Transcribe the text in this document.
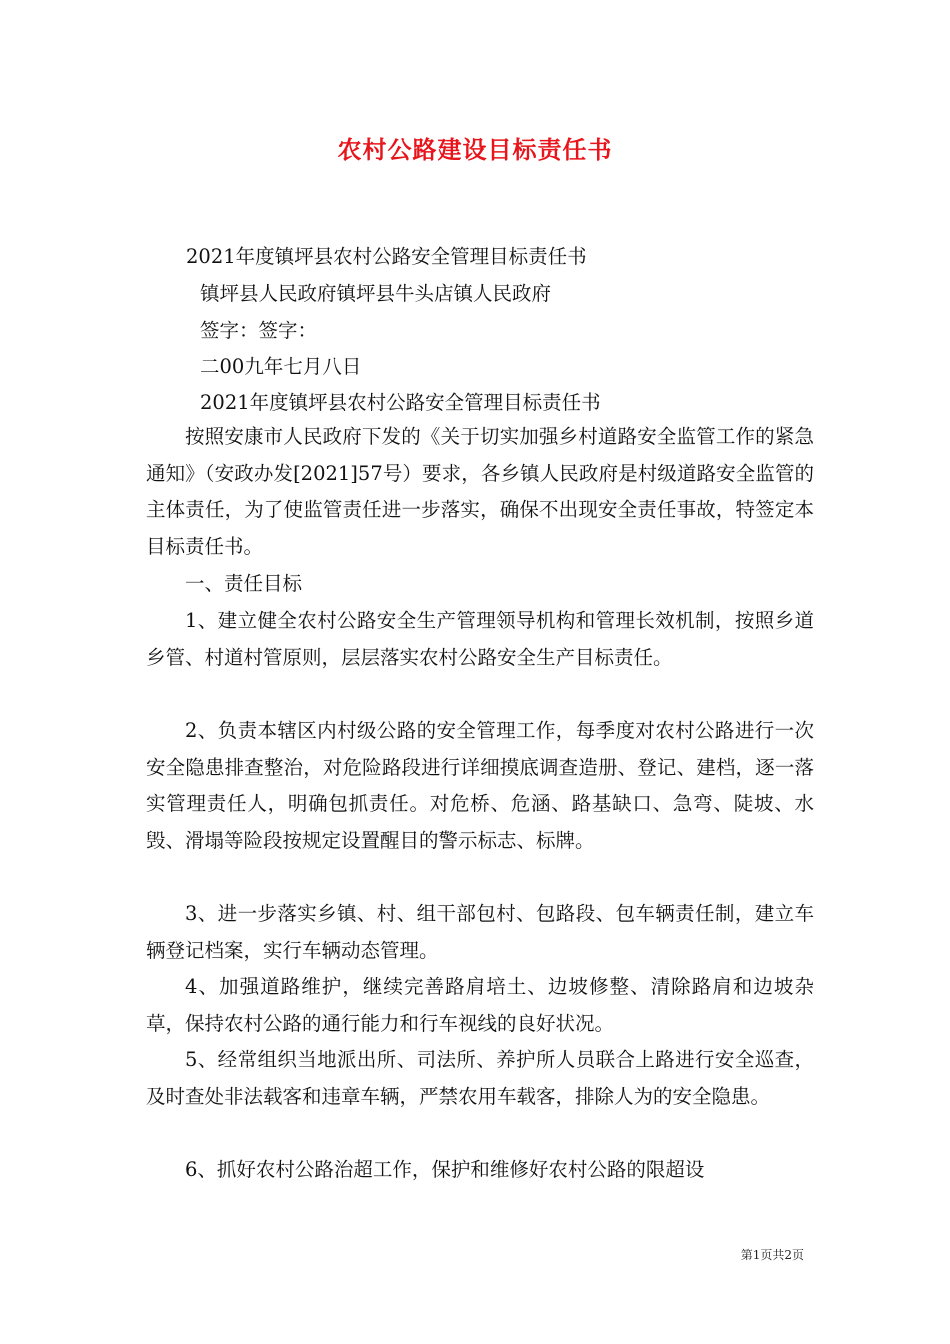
农村公路建设目标责任书
2021年度镇坪县农村公路安全管理目标责任书
镇坪县人民政府镇坪县牛头店镇人民政府
签字：签字：
二00九年七月八日
2021年度镇坪县农村公路安全管理目标责任书
按照安康市人民政府下发的《关于切实加强乡村道路安全监管工作的紧急通知》（安政办发[2021]57号）要求，各乡镇人民政府是村级道路安全监管的主体责任，为了使监管责任进一步落实，确保不出现安全责任事故，特签定本目标责任书。
一、责任目标
1、建立健全农村公路安全生产管理领导机构和管理长效机制，按照乡道乡管、村道村管原则，层层落实农村公路安全生产目标责任。
2、负责本辖区内村级公路的安全管理工作，每季度对农村公路进行一次安全隐患排查整治，对危险路段进行详细摸底调查造册、登记、建档，逐一落实管理责任人，明确包抓责任。对危桥、危涵、路基缺口、急弯、陡坡、水毁、滑塌等险段按规定设置醒目的警示标志、标牌。
3、进一步落实乡镇、村、组干部包村、包路段、包车辆责任制，建立车辆登记档案，实行车辆动态管理。
4、加强道路维护，继续完善路肩培土、边坡修整、清除路肩和边坡杂草，保持农村公路的通行能力和行车视线的良好状况。
5、经常组织当地派出所、司法所、养护所人员联合上路进行安全巡查，及时查处非法载客和违章车辆，严禁农用车载客，排除人为的安全隐患。
6、抓好农村公路治超工作，保护和维修好农村公路的限超设
第1页共2页
